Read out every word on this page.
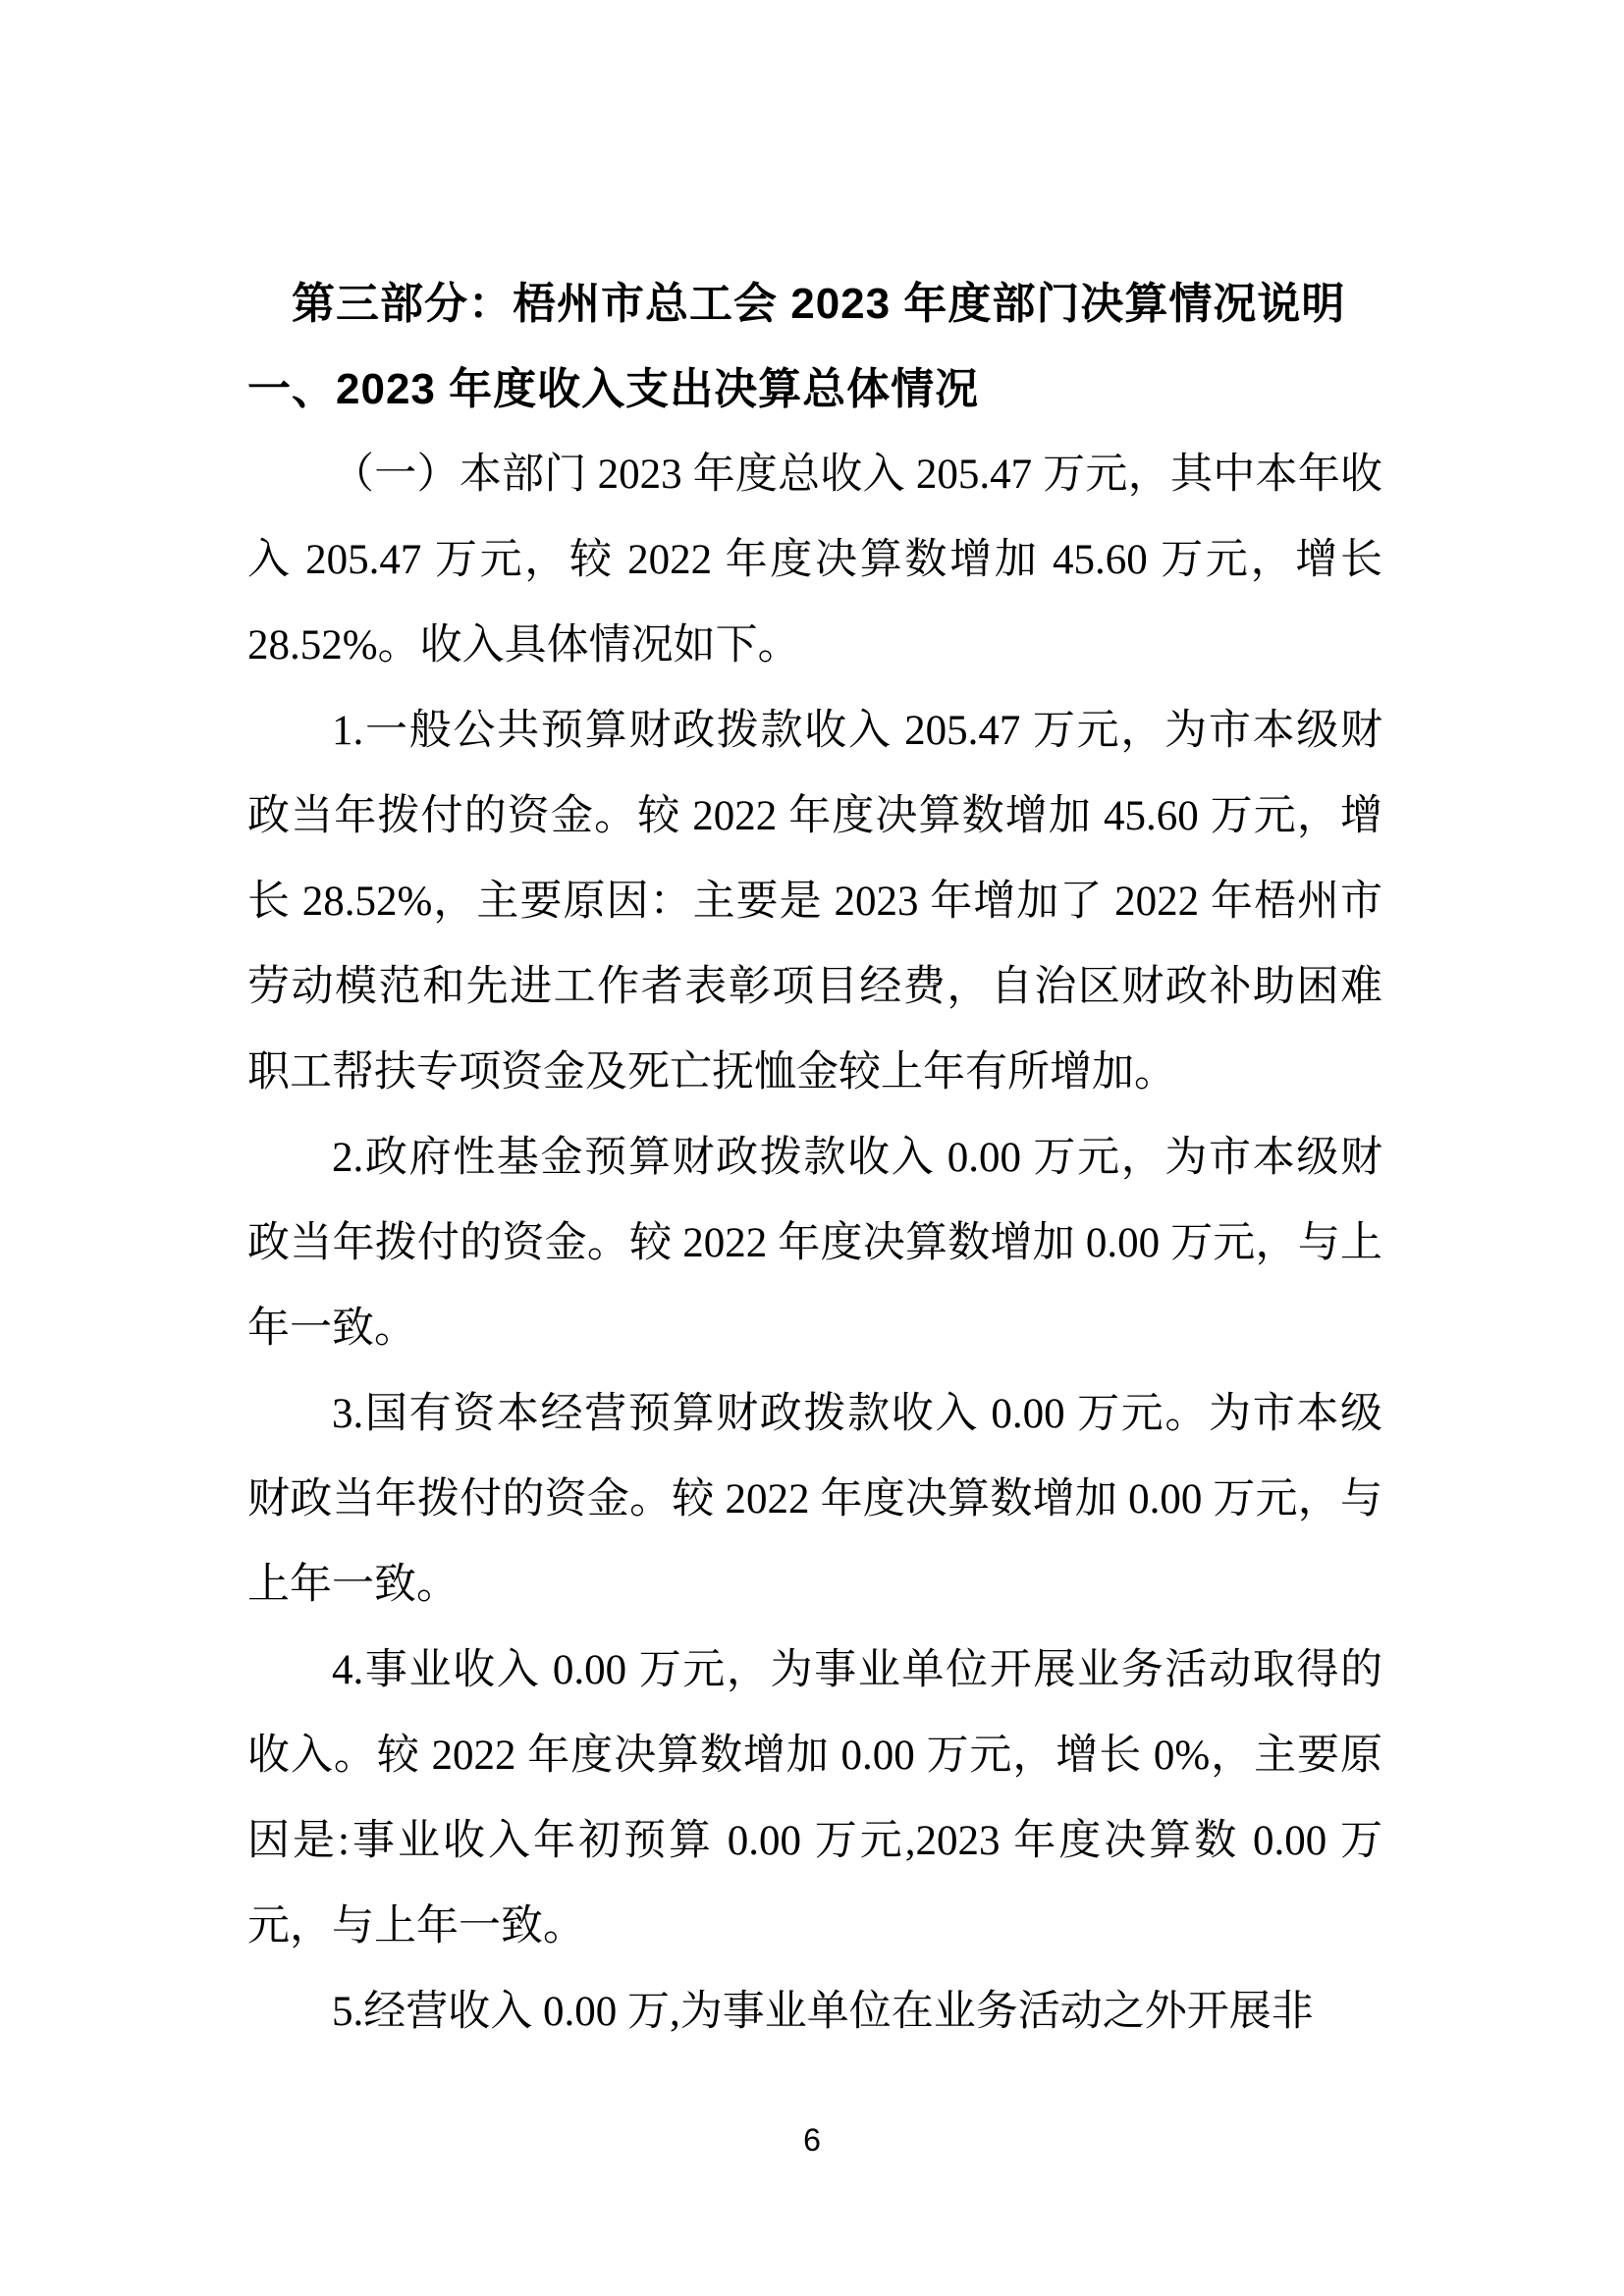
第三部分：梧州市总工会 2023 年度部门决算情况说明
一、2023 年度收入支出决算总体情况

（一）本部门 2023 年度总收入 205.47 万元，其中本年收入 205.47 万元，较 2022 年度决算数增加 45.60 万元，增长 28.52%。收入具体情况如下。

1.一般公共预算财政拨款收入 205.47 万元，为市本级财政当年拨付的资金。较 2022 年度决算数增加 45.60 万元，增长 28.52%，主要原因：主要是 2023 年增加了 2022 年梧州市劳动模范和先进工作者表彰项目经费，自治区财政补助困难职工帮扶专项资金及死亡抚恤金较上年有所增加。

2.政府性基金预算财政拨款收入 0.00 万元，为市本级财政当年拨付的资金。较 2022 年度决算数增加 0.00 万元，与上年一致。

3.国有资本经营预算财政拨款收入 0.00 万元。为市本级财政当年拨付的资金。较 2022 年度决算数增加 0.00 万元，与上年一致。

4.事业收入 0.00 万元，为事业单位开展业务活动取得的收入。较 2022 年度决算数增加 0.00 万元，增长 0%，主要原因是:事业收入年初预算 0.00 万元,2023 年度决算数 0.00 万元，与上年一致。

5.经营收入 0.00 万,为事业单位在业务活动之外开展非

6
